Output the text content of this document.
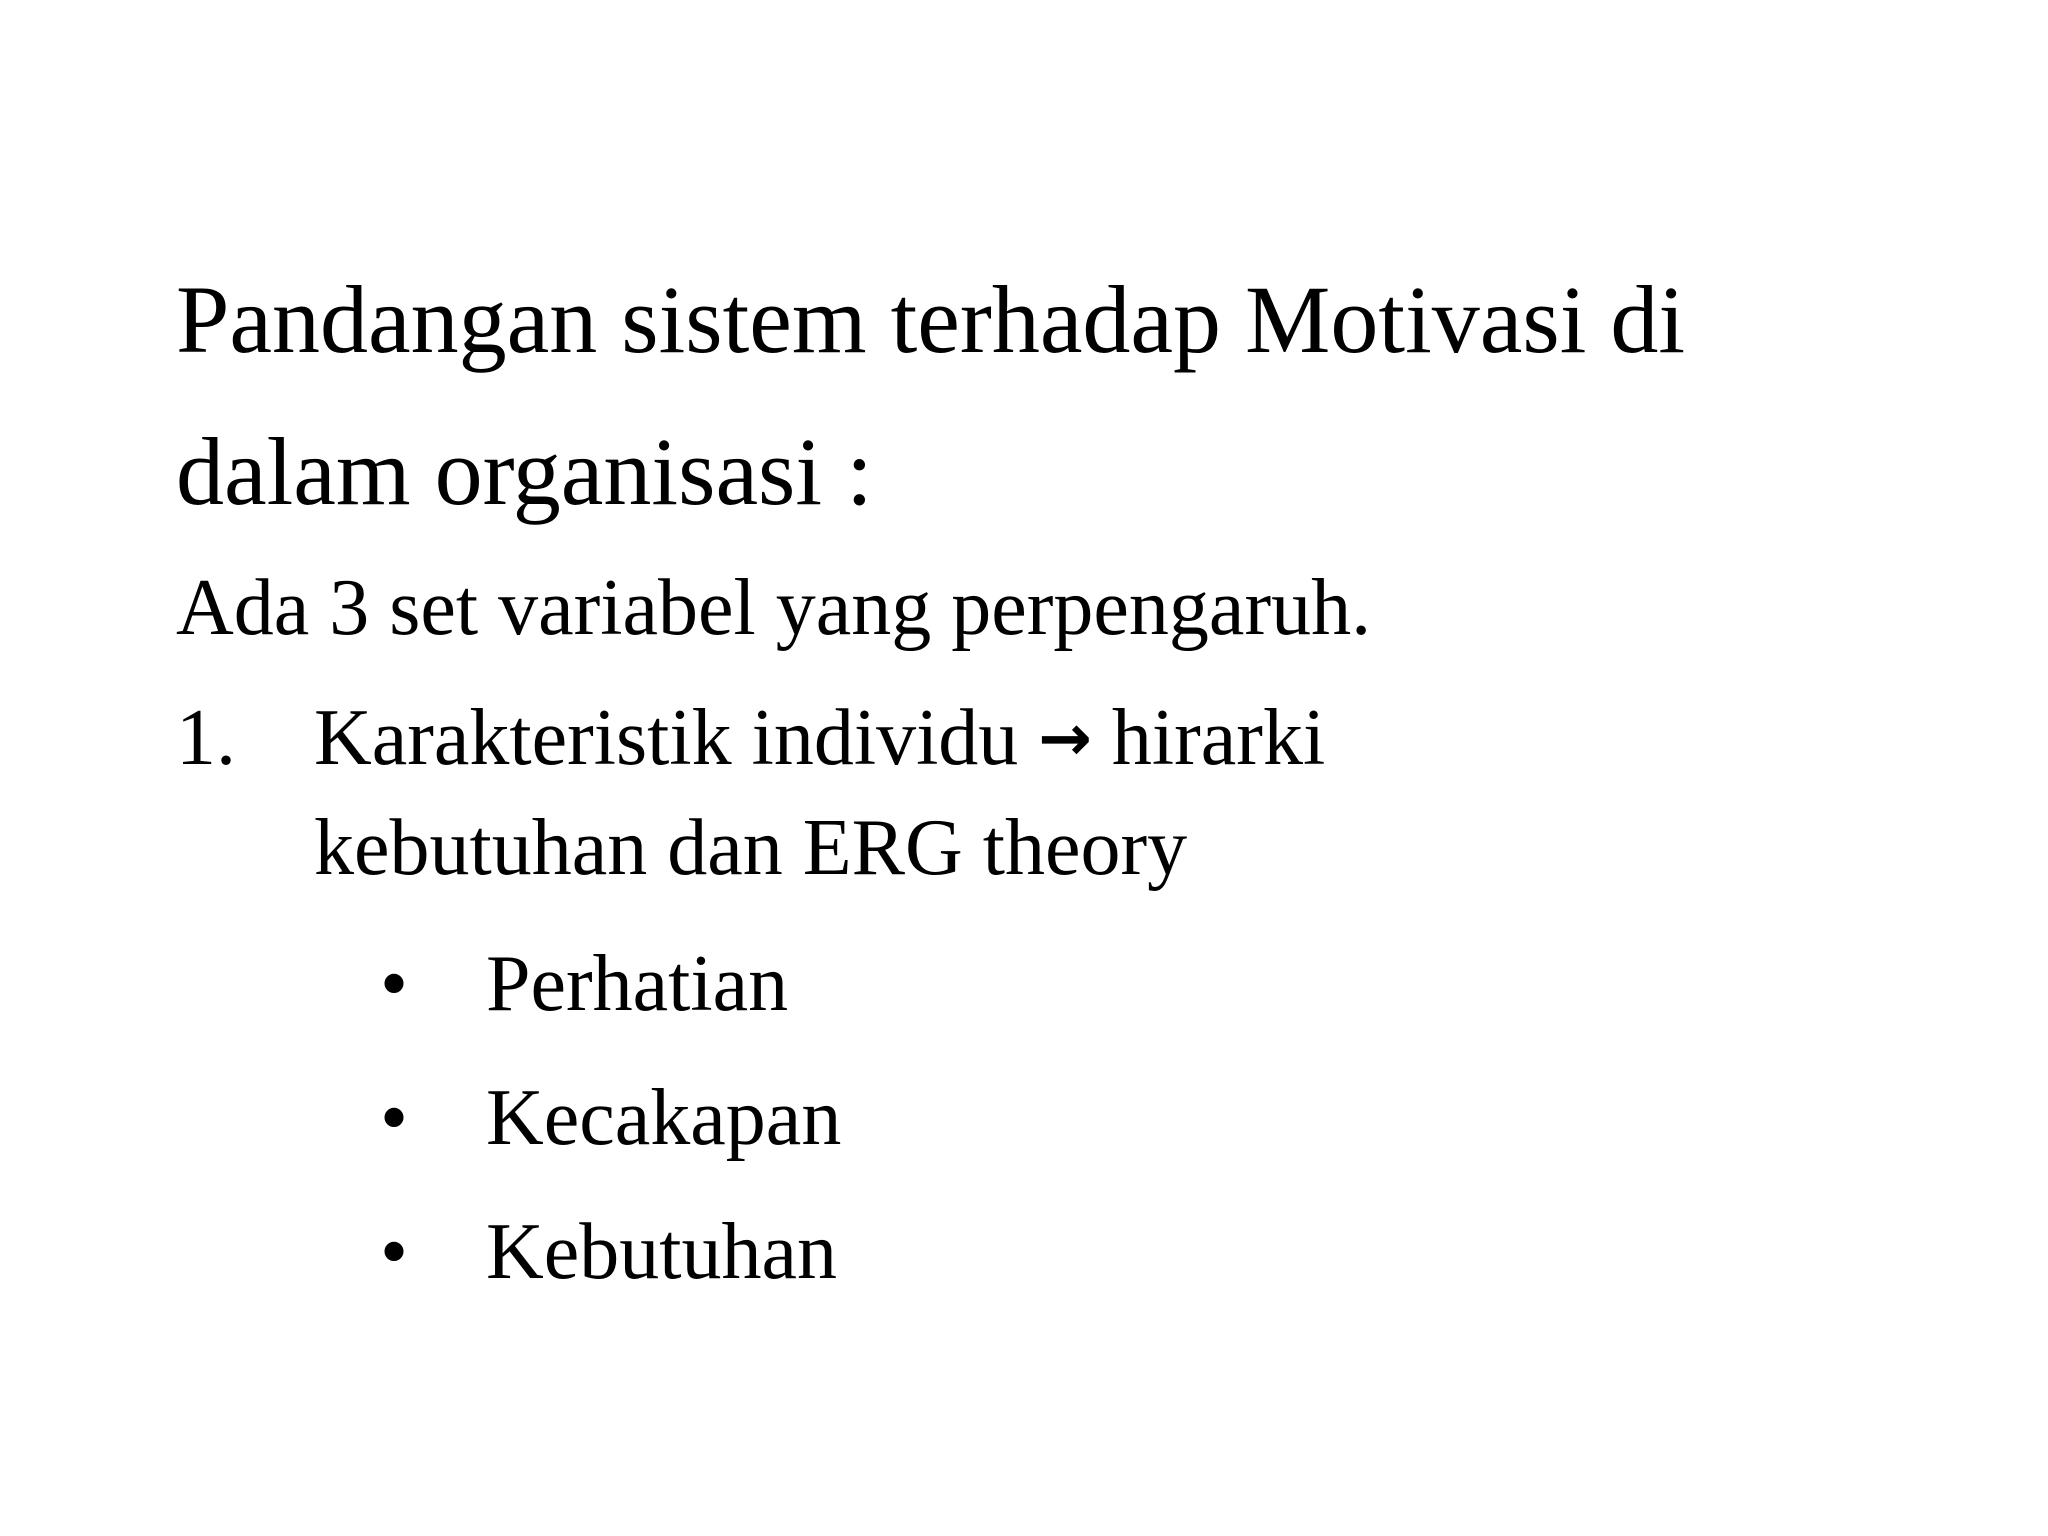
Pandangan sistem terhadap Motivasi di
dalam organisasi :
Ada 3 set variabel yang perpengaruh.
1. Karakteristik individu → hirarki
kebutuhan dan ERG theory
• Perhatian
• Kecakapan
• Kebutuhan
